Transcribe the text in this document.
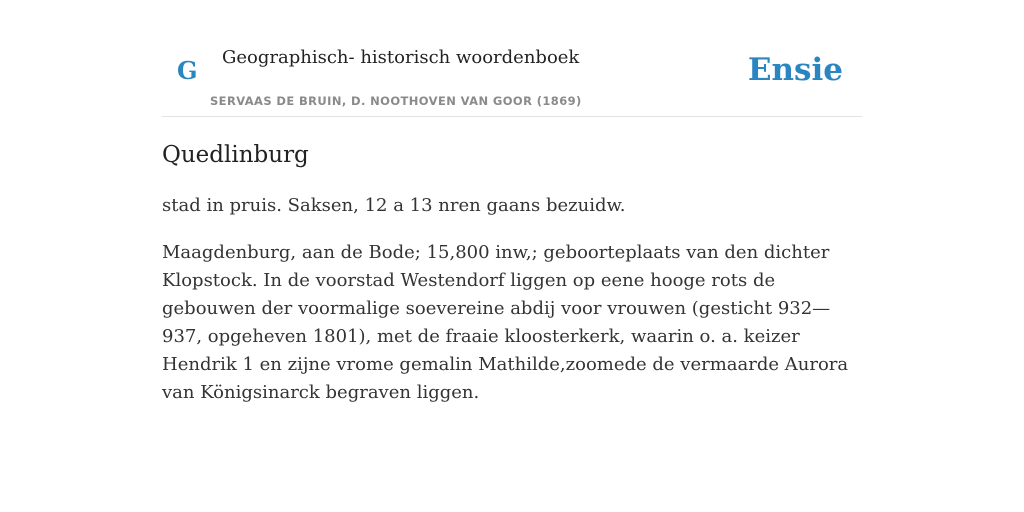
G Geographisch- historisch woordenboek
SERVAAS DE BRUIN, D. NOOTHOVEN VAN GOOR (1869)
Ensie
Quedlinburg

stad in pruis. Saksen, 12 a 13 nren gaans bezuidw.

Maagdenburg, aan de Bode; 15,800 inw,; geboorteplaats van den dichter Klopstock. In de voorstad Westendorf liggen op eene hooge rots de gebouwen der voormalige soevereine abdij voor vrouwen (gesticht 932—937, opgeheven 1801), met de fraaie kloosterkerk, waarin o. a. keizer Hendrik 1 en zijne vrome gemalin Mathilde,zoomede de vermaarde Aurora van Königsinarck begraven liggen.
